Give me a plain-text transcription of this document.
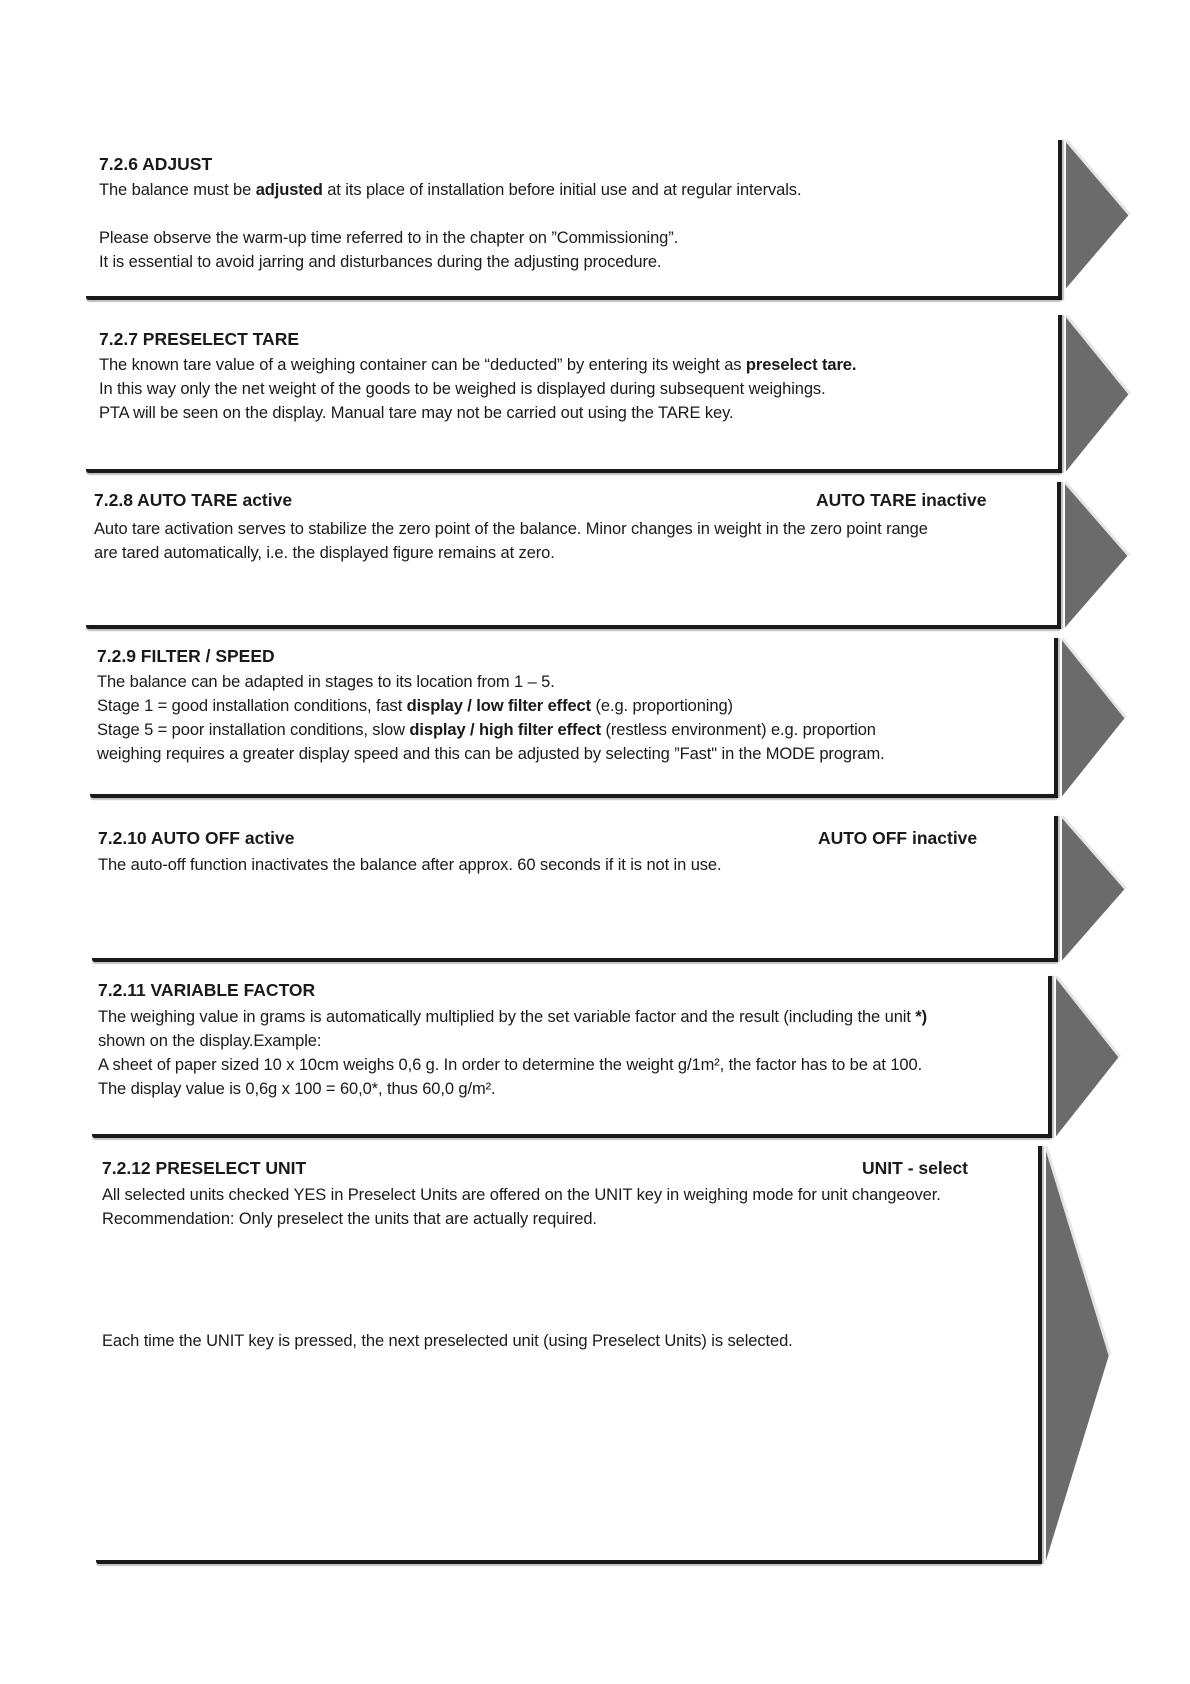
7.2.6 ADJUST
The balance must be adjusted at its place of installation before initial use and at regular intervals.
Please observe the warm-up time referred to in the chapter on ”Commissioning”.
It is essential to avoid jarring and disturbances during the adjusting procedure.
7.2.7 PRESELECT TARE
The known tare value of a weighing container can be “deducted” by entering its weight as preselect tare.
In this way only the net weight of the goods to be weighed is displayed during subsequent weighings.
PTA will be seen on the display. Manual tare may not be carried out using the TARE key.
7.2.8 AUTO TARE active	AUTO TARE inactive
Auto tare activation serves to stabilize the zero point of the balance. Minor changes in weight in the zero point range
are tared automatically, i.e. the displayed figure remains at zero.
7.2.9 FILTER / SPEED
The balance can be adapted in stages to its location from 1 – 5.
Stage 1 = good installation conditions, fast display / low filter effect (e.g. proportioning)
Stage 5 = poor installation conditions, slow display / high filter effect (restless environment) e.g. proportion
weighing requires a greater display speed and this can be adjusted by selecting ”Fast" in the MODE program.
7.2.10 AUTO OFF active	AUTO OFF inactive
The auto-off function inactivates the balance after approx. 60 seconds if it is not in use.
7.2.11 VARIABLE FACTOR
The weighing value in grams is automatically multiplied by the set variable factor and the result (including the unit *)
shown on the display.Example:
A sheet of paper sized 10 x 10cm weighs 0,6 g. In order to determine the weight g/1m², the factor has to be at 100.
The display value is 0,6g x 100 = 60,0*, thus 60,0 g/m².
7.2.12 PRESELECT UNIT	UNIT - select
All selected units checked YES in Preselect Units are offered on the UNIT key in weighing mode for unit changeover.
Recommendation: Only preselect the units that are actually required.
Each time the UNIT key is pressed, the next preselected unit (using Preselect Units) is selected.
